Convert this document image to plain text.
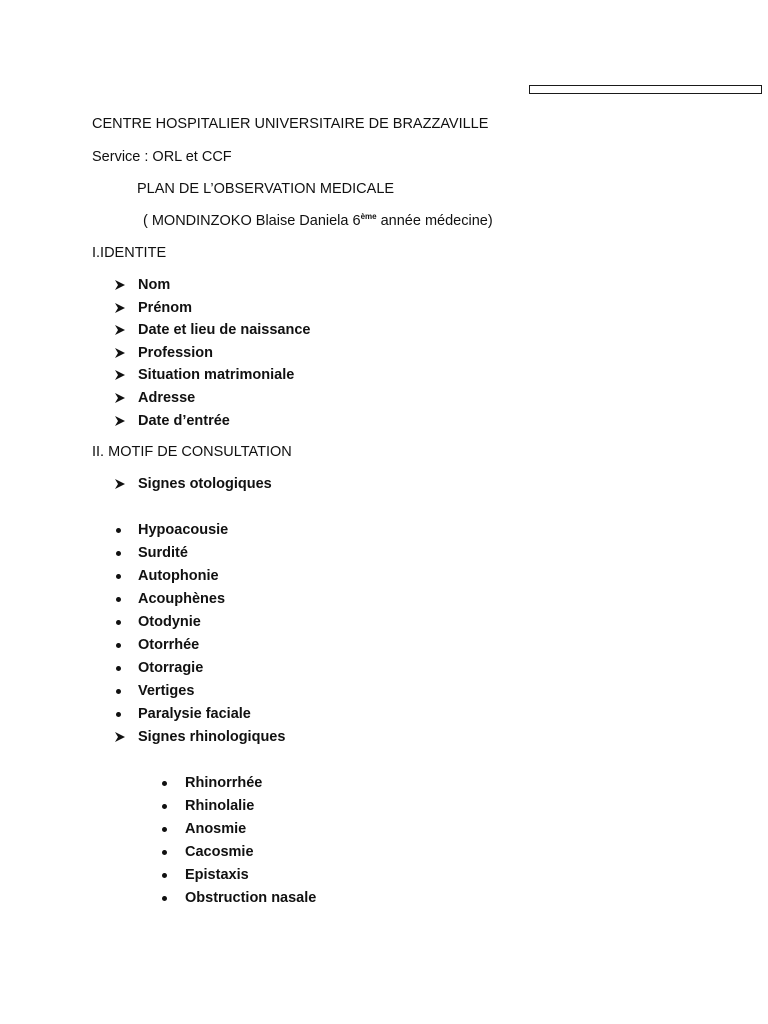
CENTRE HOSPITALIER UNIVERSITAIRE DE BRAZZAVILLE
Service : ORL et CCF
PLAN DE L’OBSERVATION MEDICALE
( MONDINZOKO Blaise Daniela 6ème année médecine)
I.IDENTITE
Nom
Prénom
Date et lieu de naissance
Profession
Situation matrimoniale
Adresse
Date d’entrée
II. MOTIF DE CONSULTATION
Signes otologiques
Hypoacousie
Surdité
Autophonie
Acouphènes
Otodynie
Otorrhée
Otorragie
Vertiges
Paralysie faciale
Signes rhinologiques
Rhinorrhée
Rhinolalie
Anosmie
Cacosmie
Epistaxis
Obstruction nasale
